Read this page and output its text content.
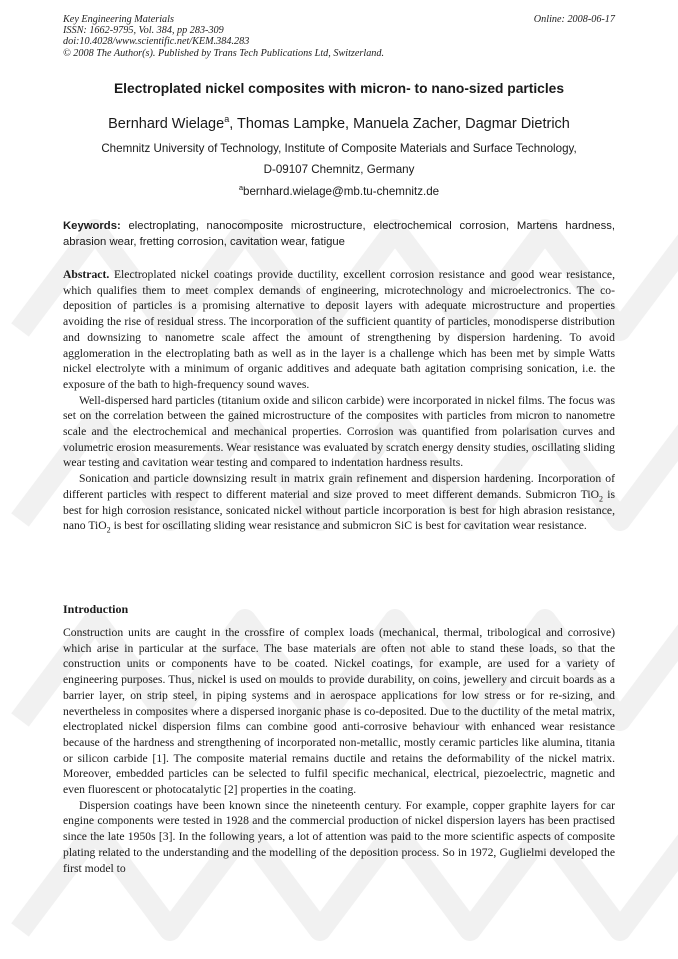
Key Engineering Materials
ISSN: 1662-9795, Vol. 384, pp 283-309
doi:10.4028/www.scientific.net/KEM.384.283
© 2008 The Author(s). Published by Trans Tech Publications Ltd, Switzerland.
Online: 2008-06-17
Electroplated nickel composites with micron- to nano-sized particles
Bernhard Wielage$^a$, Thomas Lampke, Manuela Zacher, Dagmar Dietrich
Chemnitz University of Technology, Institute of Composite Materials and Surface Technology,
D-09107 Chemnitz, Germany
$^a$bernhard.wielage@mb.tu-chemnitz.de
Keywords: electroplating, nanocomposite microstructure, electrochemical corrosion, Martens hardness, abrasion wear, fretting corrosion, cavitation wear, fatigue

Abstract. Electroplated nickel coatings provide ductility, excellent corrosion resistance and good wear resistance, which qualifies them to meet complex demands of engineering, microtechnology and microelectronics. The co-deposition of particles is a promising alternative to deposit layers with adequate microstructure and properties avoiding the rise of residual stress. The incorporation of the sufficient quantity of particles, monodisperse distribution and downsizing to nanometre scale affect the amount of strengthening by dispersion hardening. To avoid agglomeration in the electroplating bath as well as in the layer is a challenge which has been met by simple Watts nickel electrolyte with a minimum of organic additives and adequate bath agitation comprising sonication, i.e. the exposure of the bath to high-frequency sound waves.

Well-dispersed hard particles (titanium oxide and silicon carbide) were incorporated in nickel films. The focus was set on the correlation between the gained microstructure of the composites with particles from micron to nanometre scale and the electrochemical and mechanical properties. Corrosion was quantified from polarisation curves and volumetric erosion measurements. Wear resistance was evaluated by scratch energy density studies, oscillating sliding wear testing and cavitation wear testing and compared to indentation hardness results.

Sonication and particle downsizing result in matrix grain refinement and dispersion hardening. Incorporation of different particles with respect to different material and size proved to meet different demands. Submicron TiO$_2$ is best for high corrosion resistance, sonicated nickel without particle incorporation is best for high abrasion resistance, nano TiO$_2$ is best for oscillating sliding wear resistance and submicron SiC is best for cavitation wear resistance.

Introduction

Construction units are caught in the crossfire of complex loads (mechanical, thermal, tribological and corrosive) which arise in particular at the surface. The base materials are often not able to stand these loads, so that the construction units or components have to be coated. Nickel coatings, for example, are used for a variety of engineering purposes. Thus, nickel is used on moulds to provide durability, on coins, jewellery and circuit boards as a barrier layer, on strip steel, in piping systems and in aerospace applications for low stress or for re-sizing, and nevertheless in composites where a dispersed inorganic phase is co-deposited. Due to the ductility of the metal matrix, electroplated nickel dispersion films can combine good anti-corrosive behaviour with enhanced wear resistance because of the hardness and strengthening of incorporated non-metallic, mostly ceramic particles like alumina, titania or silicon carbide [1]. The composite material remains ductile and retains the deformability of the nickel matrix. Moreover, embedded particles can be selected to fulfil specific mechanical, electrical, piezoelectric, magnetic and even fluorescent or photocatalytic [2] properties in the coating.

Dispersion coatings have been known since the nineteenth century. For example, copper graphite layers for car engine components were tested in 1928 and the commercial production of nickel dispersion layers has been practised since the late 1950s [3]. In the following years, a lot of attention was paid to the more scientific aspects of composite plating related to the understanding and the modelling of the deposition process. So in 1972, Guglielmi developed the first model to
